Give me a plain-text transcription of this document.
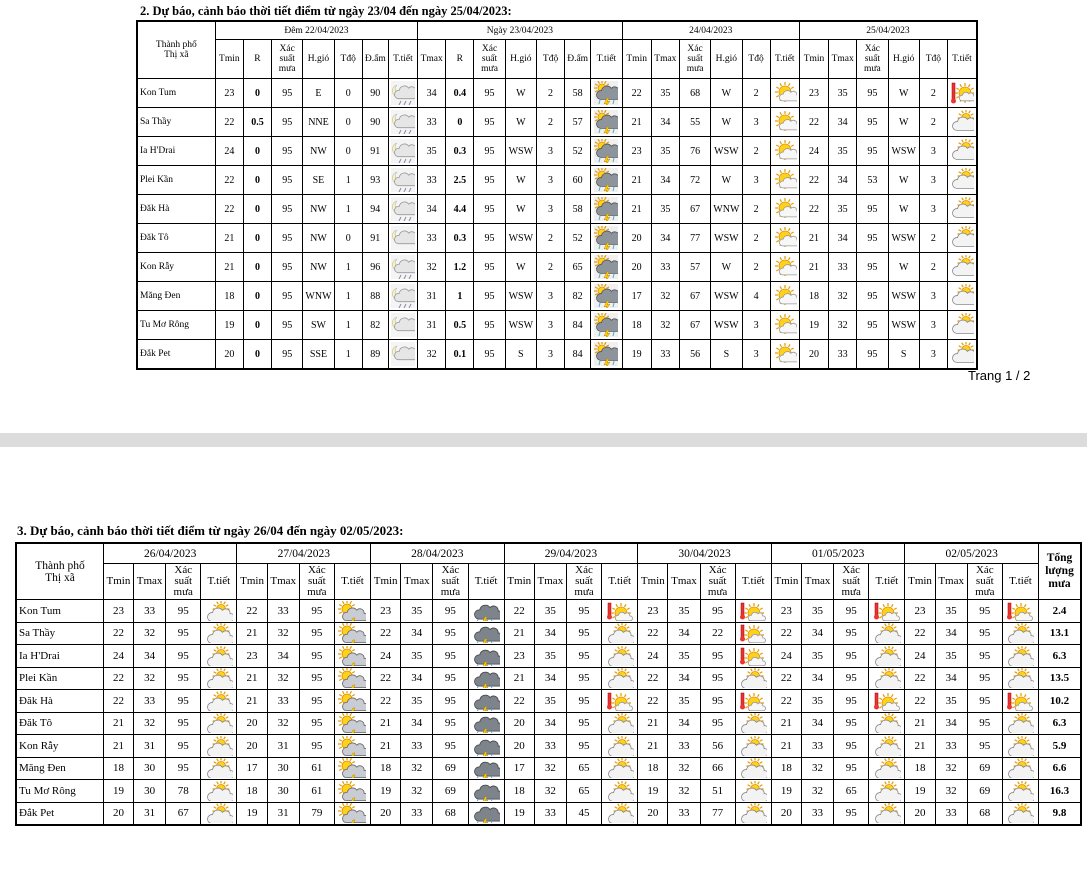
2. Dự báo, cảnh báo thời tiết điểm từ ngày 23/04 đến ngày 25/04/2023:
Thành phố
Thị xã	Đêm 22/04/2023							Ngày 23/04/2023							24/04/2023						25/04/2023					
	Tmin	R	Xác
suất
mưa	H.gió	Tđộ	Đ.ẩm	T.tiết	Tmax	R	Xác
suất
mưa	H.gió	Tđộ	Đ.ẩm	T.tiết	Tmin	Tmax	Xác
suất
mưa	H.gió	Tđộ	T.tiết	Tmin	Tmax	Xác
suất
mưa	H.gió	Tđộ	T.tiết
Kon Tum	23	0	95	E	0	90		34	0.4	95	W	2	58		22	35	68	W	2		23	35	95	W	2	
Sa Thầy	22	0.5	95	NNE	0	90		33	0	95	W	2	57		21	34	55	W	3		22	34	95	W	2	
Ia H'Drai	24	0	95	NW	0	91		35	0.3	95	WSW	3	52		23	35	76	WSW	2		24	35	95	WSW	3	
Plei Kần	22	0	95	SE	1	93		33	2.5	95	W	3	60		21	34	72	W	3		22	34	53	W	3	
Đăk Hà	22	0	95	NW	1	94		34	4.4	95	W	3	58		21	35	67	WNW	2		22	35	95	W	3	
Đăk Tô	21	0	95	NW	0	91		33	0.3	95	WSW	2	52		20	34	77	WSW	2		21	34	95	WSW	2	
Kon Rẫy	21	0	95	NW	1	96		32	1.2	95	W	2	65		20	33	57	W	2		21	33	95	W	2	
Măng Đen	18	0	95	WNW	1	88		31	1	95	WSW	3	82		17	32	67	WSW	4		18	32	95	WSW	3	
Tu Mơ Rông	19	0	95	SW	1	82		31	0.5	95	WSW	3	84		18	32	67	WSW	3		19	32	95	WSW	3	
Đắk Pet	20	0	95	SSE	1	89		32	0.1	95	S	3	84		19	33	56	S	3		20	33	95	S	3	
Trang 1 / 2
3. Dự báo, cảnh báo thời tiết điểm từ ngày 26/04 đến ngày 02/05/2023:
Thành phố
Thị xã	26/04/2023				27/04/2023				28/04/2023				29/04/2023				30/04/2023				01/05/2023				02/05/2023				Tổng
lượng
mưa
	Tmin	Tmax	Xác
suất
mưa	T.tiết	Tmin	Tmax	Xác
suất
mưa	T.tiết	Tmin	Tmax	Xác
suất
mưa	T.tiết	Tmin	Tmax	Xác
suất
mưa	T.tiết	Tmin	Tmax	Xác
suất
mưa	T.tiết	Tmin	Tmax	Xác
suất
mưa	T.tiết	Tmin	Tmax	Xác
suất
mưa	T.tiết	
Kon Tum	23	33	95		22	33	95		23	35	95		22	35	95		23	35	95		23	35	95		23	35	95		2.4
Sa Thầy	22	32	95		21	32	95		22	34	95		21	34	95		22	34	22		22	34	95		22	34	95		13.1
Ia H'Drai	24	34	95		23	34	95		24	35	95		23	35	95		24	35	95		24	35	95		24	35	95		6.3
Plei Kần	22	32	95		21	32	95		22	34	95		21	34	95		22	34	95		22	34	95		22	34	95		13.5
Đăk Hà	22	33	95		21	33	95		22	35	95		22	35	95		22	35	95		22	35	95		22	35	95		10.2
Đăk Tô	21	32	95		20	32	95		21	34	95		20	34	95		21	34	95		21	34	95		21	34	95		6.3
Kon Rẫy	21	31	95		20	31	95		21	33	95		20	33	95		21	33	56		21	33	95		21	33	95		5.9
Măng Đen	18	30	95		17	30	61		18	32	69		17	32	65		18	32	66		18	32	95		18	32	69		6.6
Tu Mơ Rông	19	30	78		18	30	61		19	32	69		18	32	65		19	32	51		19	32	65		19	32	69		16.3
Đắk Pet	20	31	67		19	31	79		20	33	68		19	33	45		20	33	77		20	33	95		20	33	68		9.8
